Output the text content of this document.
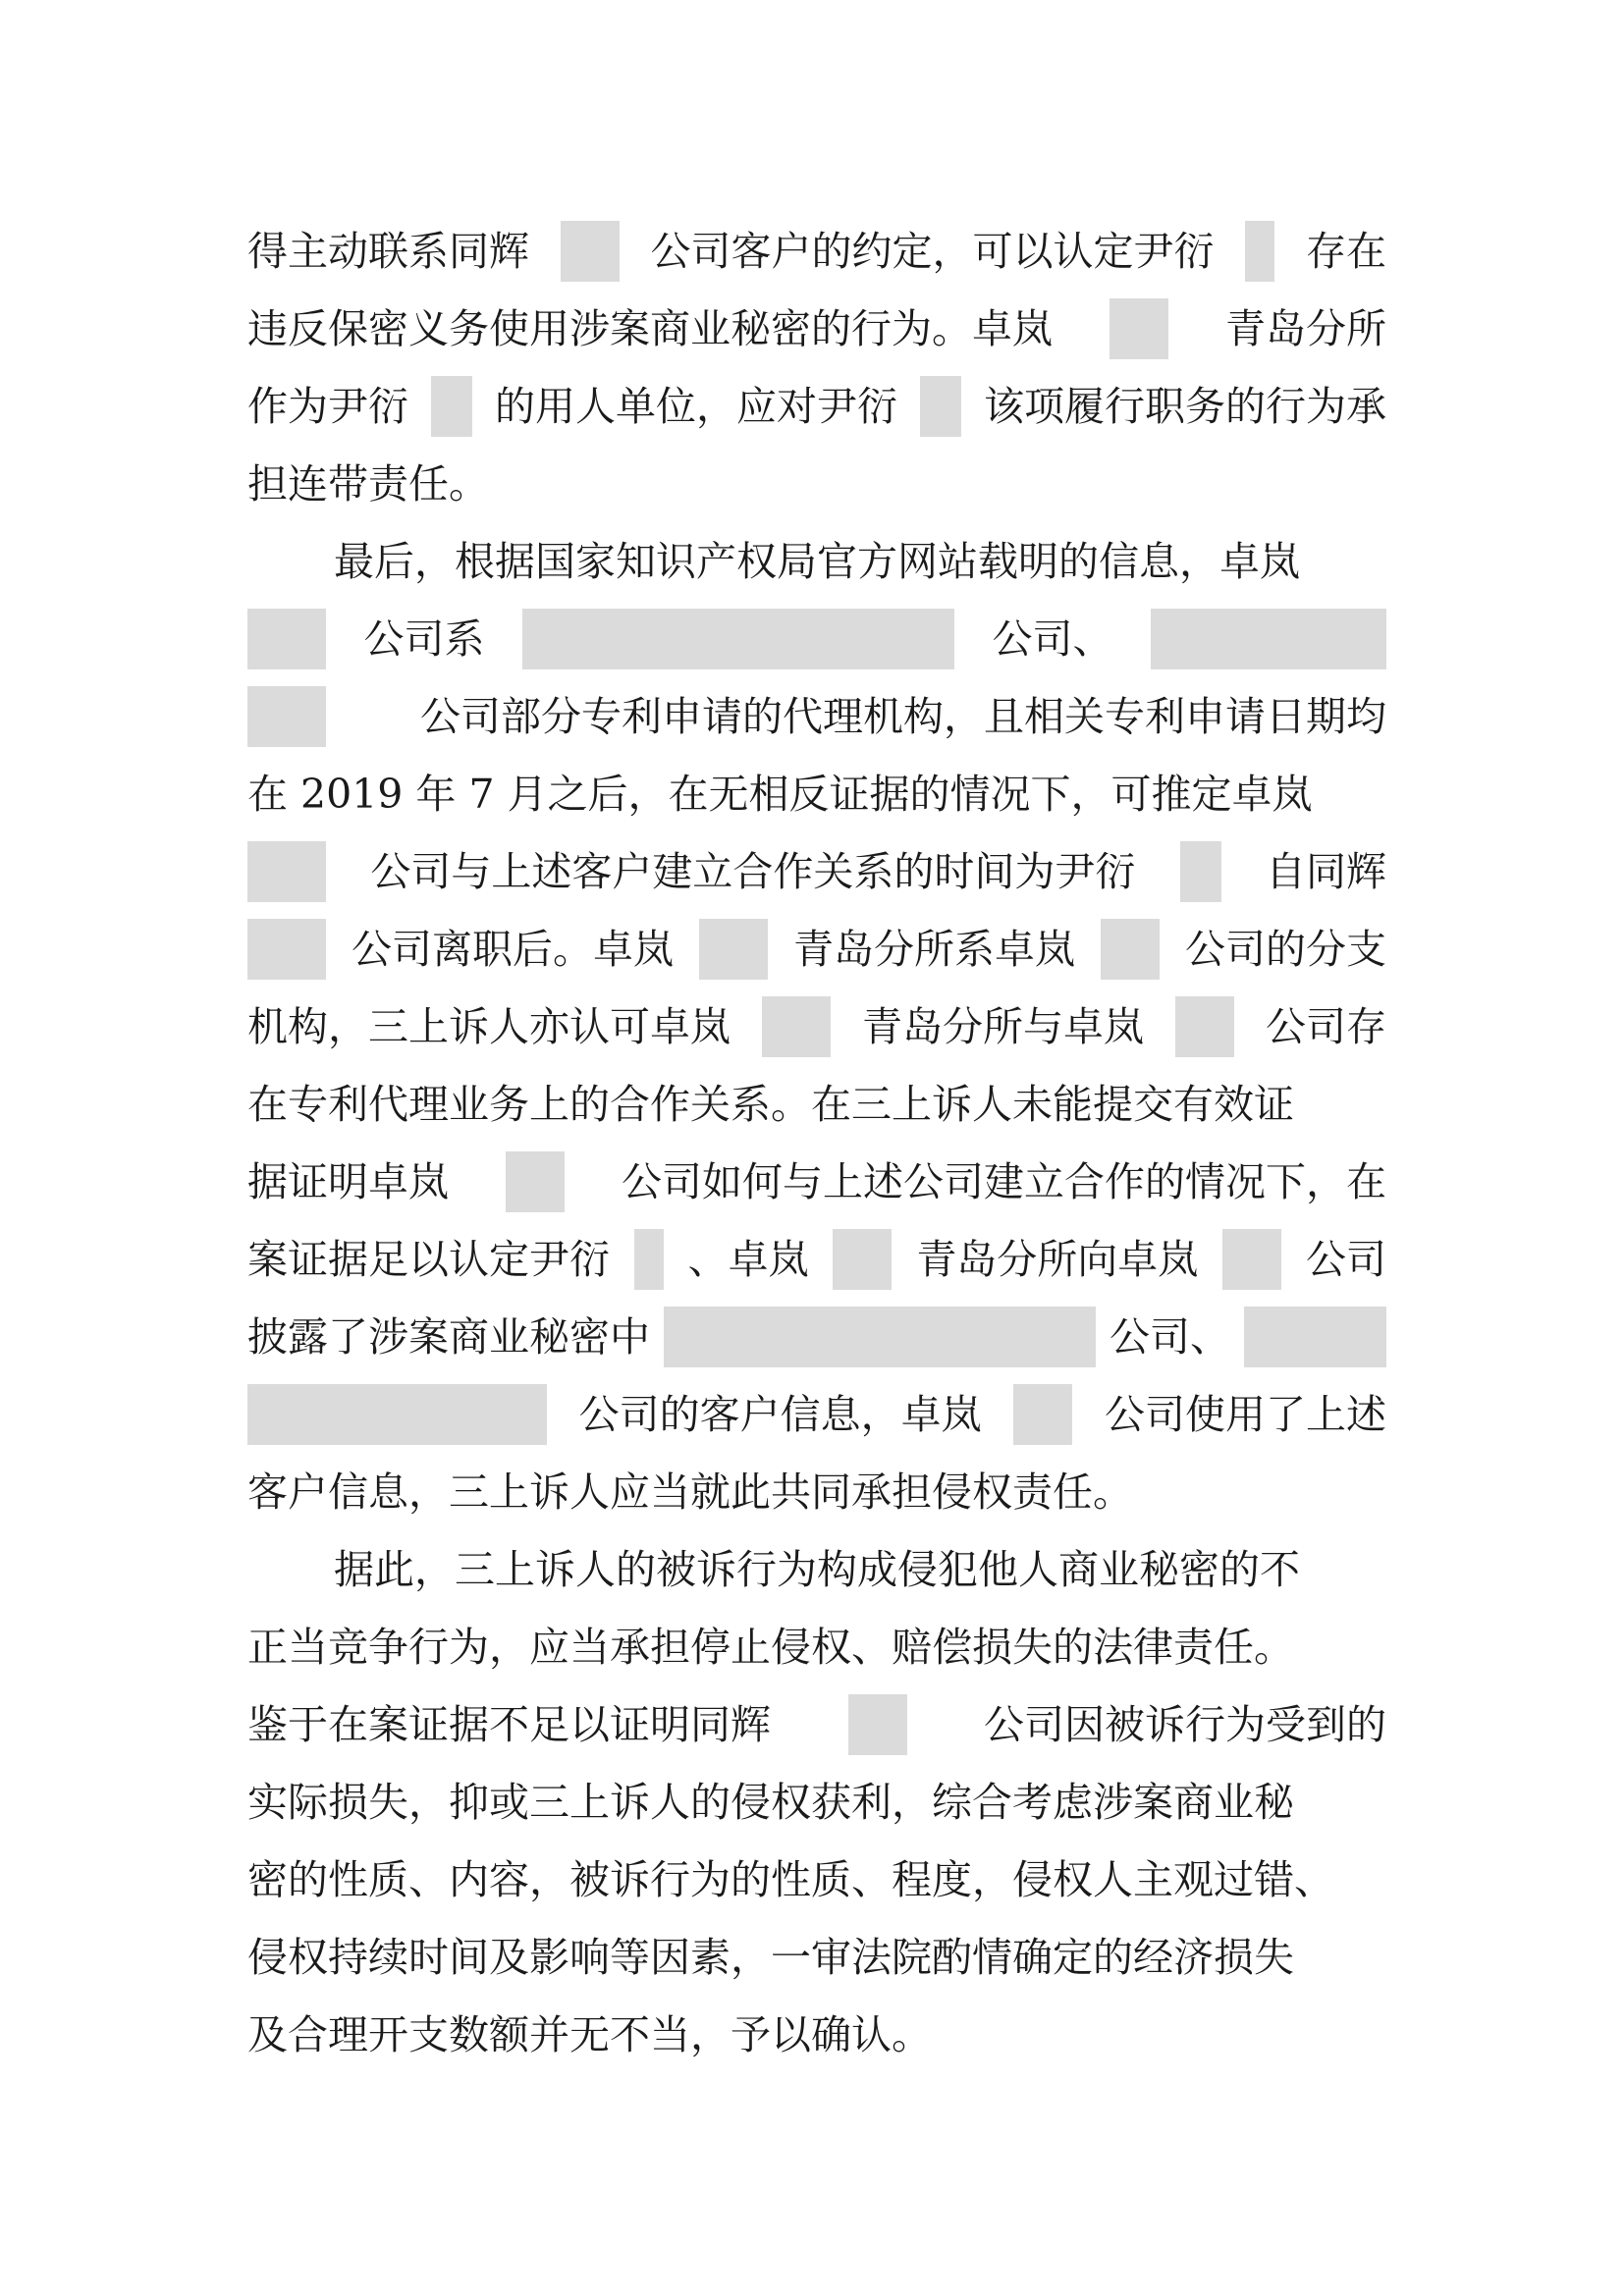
得主动联系同辉	公司客户的约定，可以认定尹衍 存在
违反保密义务使用涉案商业秘密的行为。卓岚	青岛分所
作为尹衍 的用人单位，应对尹衍 该项履行职务的行为承
担连带责任。
最后，根据国家知识产权局官方网站载明的信息，卓岚
公司系	公司、
公司部分专利申请的代理机构，且相关专利申请日期均
在 2019 年 7 月之后，在无相反证据的情况下，可推定卓岚
公司与上述客户建立合作关系的时间为尹衍	自同辉
公司离职后。卓岚	青岛分所系卓岚	公司的分支
机构，三上诉人亦认可卓岚	青岛分所与卓岚	公司存
在专利代理业务上的合作关系。在三上诉人未能提交有效证
据证明卓岚	公司如何与上述公司建立合作的情况下，在
案证据足以认定尹衍 、卓岚	青岛分所向卓岚	公司
披露了涉案商业秘密中	公司、
公司的客户信息，卓岚	公司使用了上述
客户信息，三上诉人应当就此共同承担侵权责任。
据此，三上诉人的被诉行为构成侵犯他人商业秘密的不
正当竞争行为，应当承担停止侵权、赔偿损失的法律责任。
鉴于在案证据不足以证明同辉	公司因被诉行为受到的
实际损失，抑或三上诉人的侵权获利，综合考虑涉案商业秘
密的性质、内容，被诉行为的性质、程度，侵权人主观过错、
侵权持续时间及影响等因素，一审法院酌情确定的经济损失
及合理开支数额并无不当，予以确认。
